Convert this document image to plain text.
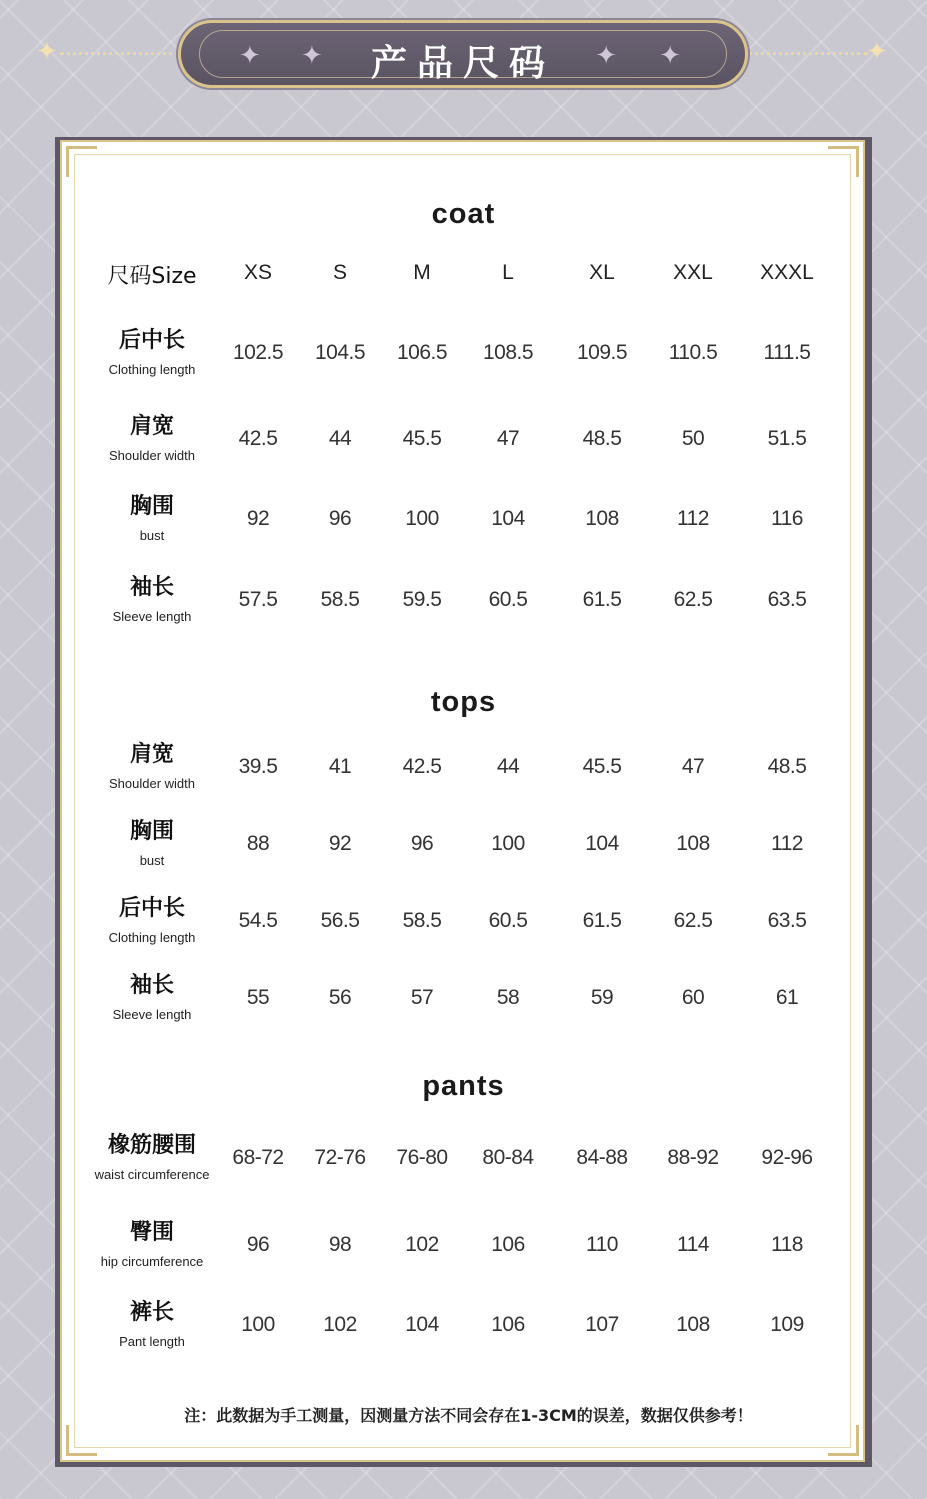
✦	✦
✦ ✦	✦ ✦
产品尺码
尺码Size	XS	S	M	L	XL	XXL	XXXL
coat
后中长
Clothing length
102.5	104.5	106.5	108.5	109.5	110.5	111.5
肩宽
Shoulder width
42.5	44	45.5	47	48.5	50	51.5
胸围
bust
92	96	100	104	108	112	116
袖长
Sleeve length
57.5	58.5	59.5	60.5	61.5	62.5	63.5
tops
肩宽
Shoulder width
39.5	41	42.5	44	45.5	47	48.5
胸围
bust
88	92	96	100	104	108	112
后中长
Clothing length
54.5	56.5	58.5	60.5	61.5	62.5	63.5
袖长
Sleeve length
55	56	57	58	59	60	61
pants
橡筋腰围
waist circumference
68-72	72-76	76-80	80-84	84-88	88-92	92-96
臀围
hip circumference
96	98	102	106	110	114	118
裤长
Pant length
100	102	104	106	107	108	109
注：此数据为手工测量，因测量方法不同会存在1-3CM的误差，数据仅供参考！
